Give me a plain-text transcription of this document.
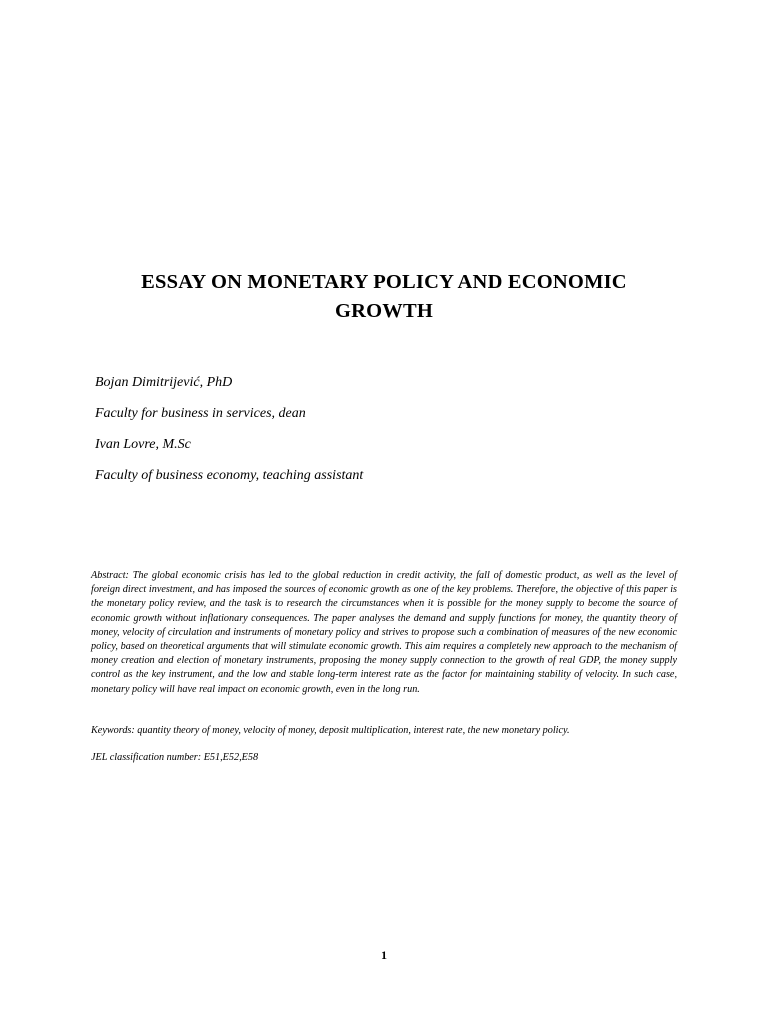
ESSAY ON MONETARY POLICY AND ECONOMIC
GROWTH
Bojan Dimitrijević, PhD
Faculty for business in services, dean
Ivan Lovre, M.Sc
Faculty of business economy, teaching assistant

Abstract: The global economic crisis has led to the global reduction in credit activity, the fall of domestic product, as well as the level of foreign direct investment, and has imposed the sources of economic growth as one of the key problems. Therefore, the objective of this paper is the monetary policy review, and the task is to research the circumstances when it is possible for the money supply to become the source of economic growth without inflationary consequences. The paper analyses the demand and supply functions for money, the quantity theory of money, velocity of circulation and instruments of monetary policy and strives to propose such a combination of measures of the new economic policy, based on theoretical arguments that will stimulate economic growth. This aim requires a completely new approach to the mechanism of money creation and election of monetary instruments, proposing the money supply connection to the growth of real GDP, the money supply control as the key instrument, and the low and stable long-term interest rate as the factor for maintaining stability of velocity. In such case, monetary policy will have real impact on economic growth, even in the long run.

Keywords: quantity theory of money, velocity of money, deposit multiplication, interest rate, the new monetary policy.

JEL classification number: E51,E52,E58

1
